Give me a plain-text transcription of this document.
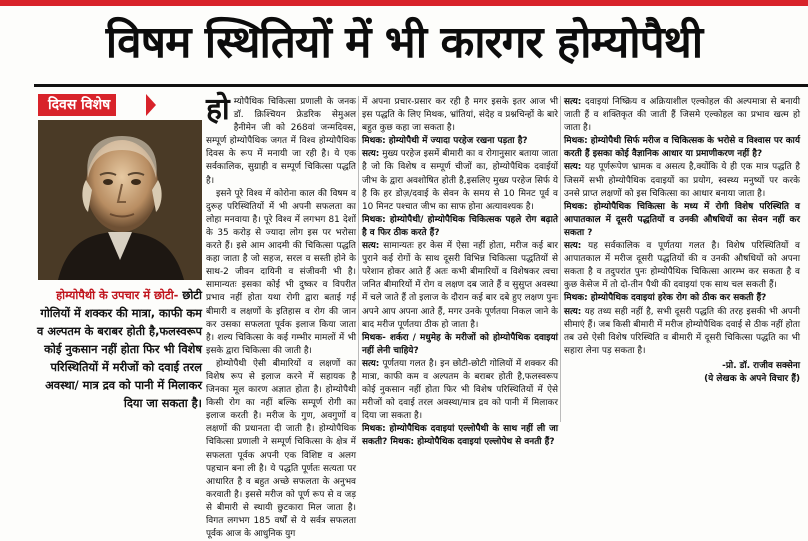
विषम स्थितियों में भी कारगर होम्योपैथी
दिवस विशेष
होम्योपैथी के उपचार में छोटी- छोटी गोलियों में शक्कर की मात्रा, काफी कम व अल्पतम के बराबर होती है,फलस्वरूप कोई नुकसान नहीं होता फिर भी विशेष परिस्थितियों में मरीजों को दवाई तरल अवस्था/ मात्र द्रव को पानी में मिलाकर दिया जा सकता है।

होम्योपैथिक चिकित्सा प्रणाली के जनक डॉ. क्रिश्चियन फ्रेडरिक सेमुअल हैनीमेन जी को 268वां जन्मदिवस, सम्पूर्ण होम्योपैथिक जगत में विश्व होम्योपैथिक दिवस के रूप में मनायी जा रही है। ये एक सर्वकालिक, सुग्राही व सम्पूर्ण चिकित्सा पद्धति है।

इसने पूरे विश्व में कोरोना काल की विषम व दुरूह परिस्थितियों में भी अपनी सफलता का लोहा मनवाया है। पूरे विश्व में लगभग 81 देशों के 35 करोड़ से ज्यादा लोग इस पर भरोसा करते हैं। इसे आम आदमी की चिकित्सा पद्धति कहा जाता है जो सहज, सरल व सस्ती होने के साथ-2 जीवन दायिनी व संजीवनी भी है। सामान्यतः इसका कोई भी दुष्कर व विपरीत प्रभाव नहीं होता यथा रोगी द्वारा बताई गई बीमारी व लक्षणों के इतिहास व रोग की जान कर उसका सफलता पूर्वक इलाज किया जाता है। शल्य चिकित्सा के कई गम्भीर मामलों में भी इसके द्वारा चिकित्सा की जाती है।

होम्योपैथी ऐसी बीमारियों व लक्षणों का विशेष रूप से इलाज करने में सहायक है जिनका मूल कारण अज्ञात होता है। होम्योपैथी किसी रोग का नहीं बल्कि सम्पूर्ण रोगी का इलाज करती है। मरीज के गुण, अवगुणों व लक्षणों की प्रधानता दी जाती है। होम्योपैथिक चिकित्सा प्रणाली ने सम्पूर्ण चिकित्सा के क्षेत्र में सफलता पूर्वक अपनी एक विशिष्ट व अलग पहचान बना ली है। ये पद्धति पूर्णतः सत्यता पर आधारित है व बहुत अच्छे सफलता के अनुभव करवाती है। इससे मरीज को पूर्ण रूप से व जड़ से बीमारी से स्थायी छुटकारा मिल जाता है। विगत लगभग 185 वर्षों से ये सर्वत्र सफलता पूर्वक आज के आधुनिक युग

में अपना प्रचार-प्रसार कर रही है मगर इसके इतर आज भी इस पद्धति के लिए मिथक, भ्रांतियां, संदेह व प्रश्नचिन्हों के बारे बहुत कुछ कहा जा सकता है।

मिथक: होम्योपैथी में ज्यादा परहेज रखना पड़ता है?

सत्य: मुख्य परहेज इसमें बीमारी का व रोगानुसार बताया जाता है जो कि विशेष व सम्पूर्ण चीजों का, होम्योपैथिक दवाईयों जीभ के द्वारा अवशोषित होती है,इसलिए मुख्य परहेज सिर्फ ये है कि हर डोज़/दवाई के सेवन के समय से 10 मिनट पूर्व व 10 मिनट पश्चात जीभ का साफ होना अत्यावश्यक है।

मिथक: होम्योपैथी/ होम्योपैथिक चिकित्सक पहले रोग बढ़ाते है व फिर ठीक करते हैं?

सत्य: सामान्यतः हर केस में ऐसा नहीं होता, मरीज कई बार पुराने कई रोगों के साथ दूसरी विभिन्न चिकित्सा पद्धतियों से परेशान होकर आते हैं अतः कभी बीमारियों व विशेषकर त्वचा जनित बीमारियों में रोग व लक्षण दब जाते हैं व सुसुप्त अवस्था में चले जाते हैं तो इलाज के दौरान कई बार दबे हुए लक्षण पुनः अपने आप अपना आते हैं, मगर उनके पूर्णतया निकल जाने के बाद मरीज पूर्णतया ठीक हो जाता है।

मिथक- शर्करा / मधुमेह के मरीजों को होम्योपैथिक दवाइयां नहीं लेनी चाहिये?

सत्य: पूर्णतया गलत है। इन छोटी-छोटी गोलियों में शक्कर की मात्रा, काफी कम व अल्पतम के बराबर होती है,फलस्वरूप कोई नुकसान नहीं होता फिर भी विशेष परिस्थितियों में ऐसे मरीजों को दवाई तरल अवस्था/मात्र द्रव को पानी में मिलाकर दिया जा सकता है।

मिथक: होम्योपैथिक दवाइयां एल्लोपैथी के साथ नहीं ली जा सकती? मिथक: होम्योपैथिक दवाइयां एल्लोपेथ से वनती हैं?

सत्य: दवाइयां निष्क्रिय व अक्रियाशील एल्कोहल की अल्पमात्रा से बनायी जाती हैं व शक्तिकृत की जाती हैं जिसमे एल्कोहल का प्रभाव खत्म हो जाता है।

मिथक: होम्योपैथी सिर्फ मरीज व चिकित्सक के भरोसे व विश्वास पर कार्य करती हैं इसका कोई वैज्ञानिक आधार या प्रमाणीकरण नहीं है?

सत्य: यह पूर्णरूपेण भ्रामक व असत्य है,क्योंकि ये ही एक मात्र पद्धति है जिसमें सभी होम्योपैथिक दवाइयों का प्रयोग, स्वस्थ्य मनुष्यों पर करके उनसे प्राप्त लक्षणों को इस चिकित्सा का आधार बनाया जाता है।

मिथक: होम्योपैथिक चिकित्सा के मध्य में रोगी विशेष परिस्थिति व आपातकाल में दूसरी पद्धतियों व उनकी औषधियों का सेवन नहीं कर सकता ?

सत्य: यह सर्वकालिक व पूर्णतया गलत है। विशेष परिस्थितियों व आपातकाल में मरीज दूसरी पद्धतियों की व उनकी औषधियों को अपना सकता है व तदुपरांत पुनः होम्योपैथिक चिकित्सा आरम्भ कर सकता है व कुछ केसेज में तो दो-तीन पैथी की दवाइयां एक साथ चल सकती हैं।

मिथक: होम्योपैथिक दवाइयां हरेक रोग को ठीक कर सकती हैं?

सत्य: यह तथ्य सही नहीं है, सभी दूसरी पद्धति की तरह इसकी भी अपनी सीमाएं हैं। जब किसी बीमारी में मरीज होम्योपैथिक दवाई से ठीक नहीं होता तब उसे ऐसी विशेष परिस्थिति व बीमारी में दूसरी चिकित्सा पद्धति का भी सहारा लेना पड़ सकता है।

-प्रो. डॉ. राजीव सक्सेना
(ये लेखक के अपने विचार हैं)
